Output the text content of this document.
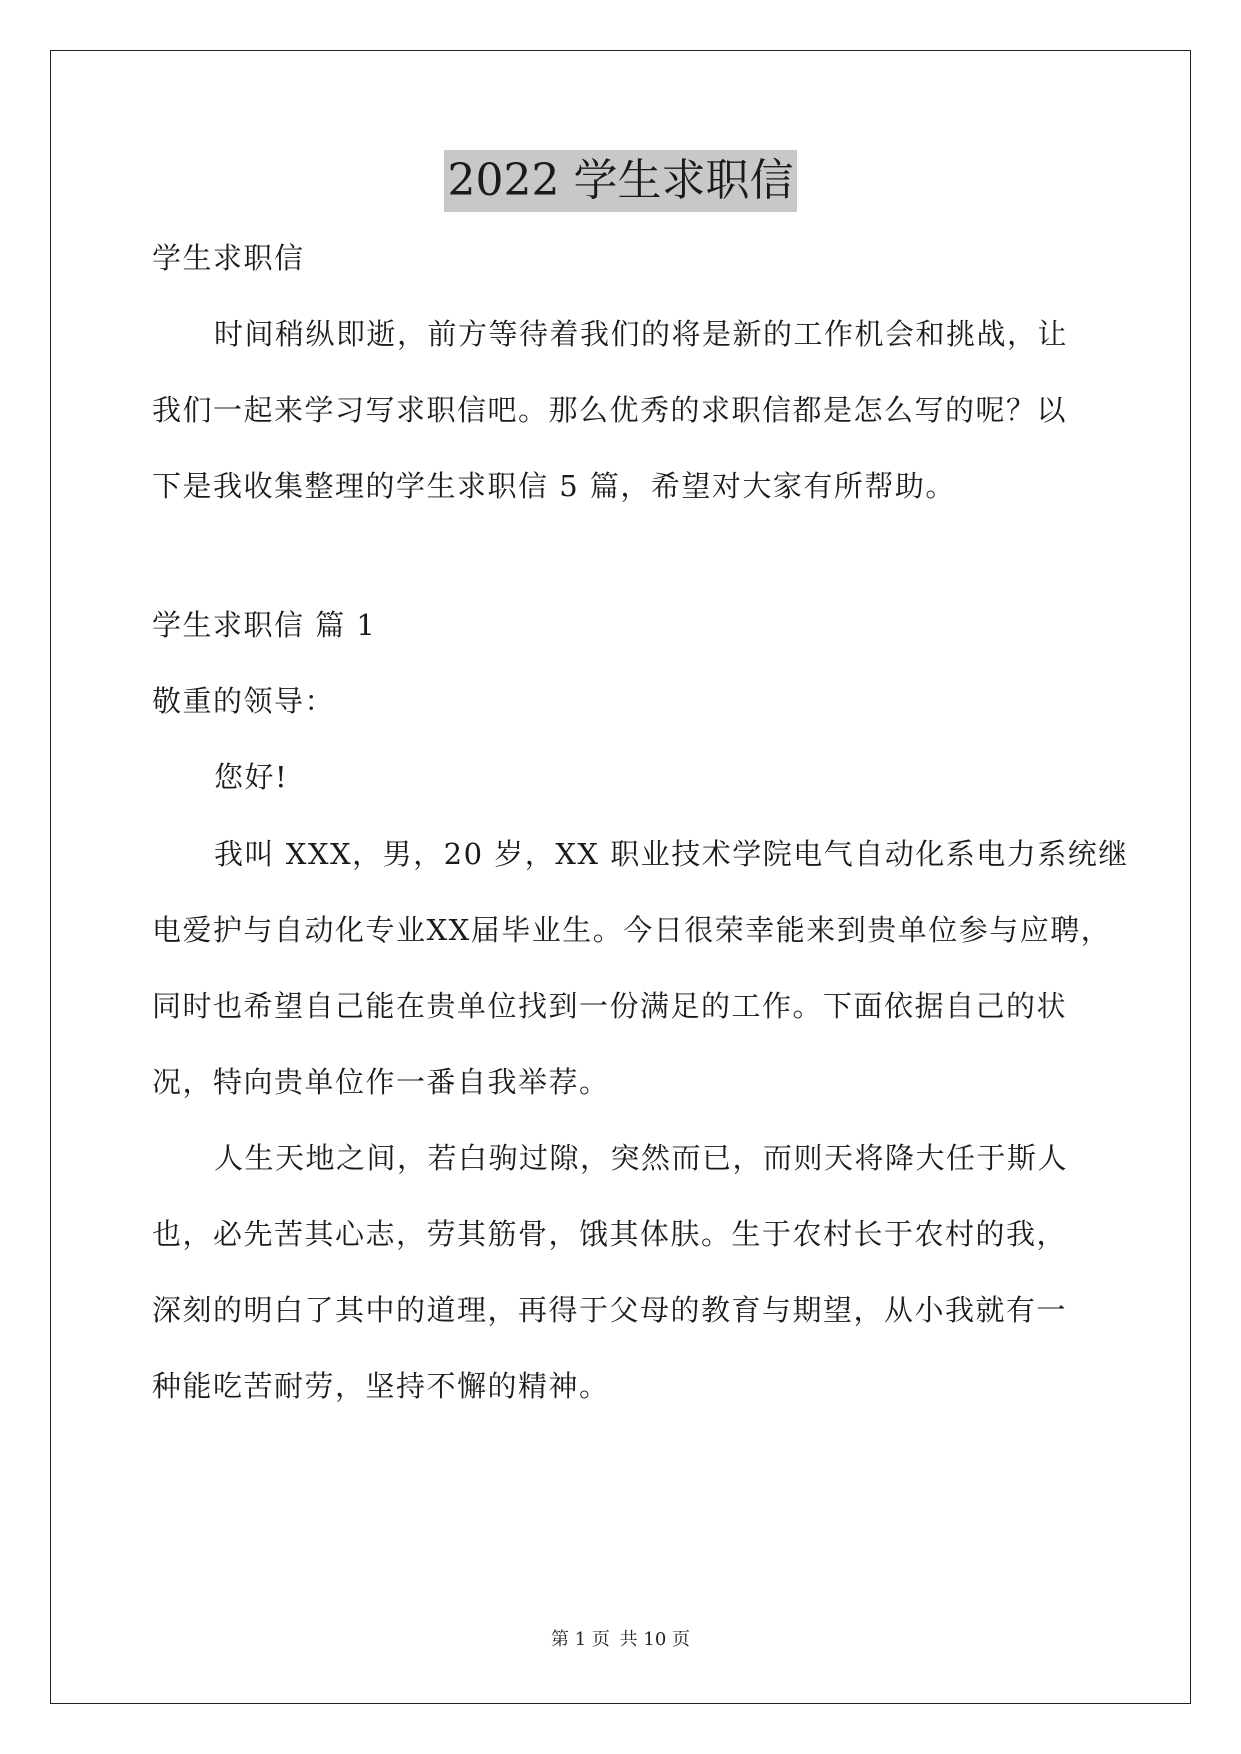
2022 学生求职信
学生求职信
时间稍纵即逝，前方等待着我们的将是新的工作机会和挑战，让
我们一起来学习写求职信吧。那么优秀的求职信都是怎么写的呢？以
下是我收集整理的学生求职信 5 篇，希望对大家有所帮助。
学生求职信 篇 1
敬重的领导：
您好!
我叫 XXX，男，20 岁，XX 职业技术学院电气自动化系电力系统继
电爱护与自动化专业XX届毕业生。今日很荣幸能来到贵单位参与应聘，
同时也希望自己能在贵单位找到一份满足的工作。下面依据自己的状
况，特向贵单位作一番自我举荐。
人生天地之间，若白驹过隙，突然而已，而则天将降大任于斯人
也，必先苦其心志，劳其筋骨，饿其体肤。生于农村长于农村的我，
深刻的明白了其中的道理，再得于父母的教育与期望，从小我就有一
种能吃苦耐劳，坚持不懈的精神。
第 1 页 共 10 页
